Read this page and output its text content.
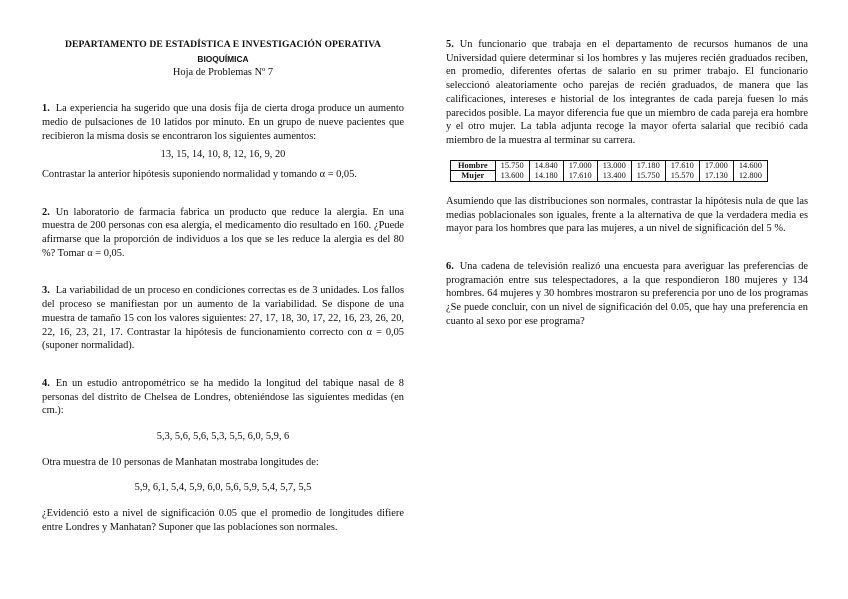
DEPARTAMENTO DE ESTADÍSTICA E INVESTIGACIÓN OPERATIVA
BIOQUÍMICA
Hoja de Problemas Nº 7

1. La experiencia ha sugerido que una dosis fija de cierta droga produce un aumento medio de pulsaciones de 10 latidos por minuto. En un grupo de nueve pacientes que recibieron la misma dosis se encontraron los siguientes aumentos:

13, 15, 14, 10, 8, 12, 16, 9, 20

Contrastar la anterior hipótesis suponiendo normalidad y tomando α = 0,05.

2. Un laboratorio de farmacia fabrica un producto que reduce la alergia. En una muestra de 200 personas con esa alergia, el medicamento dio resultado en 160. ¿Puede afirmarse que la proporción de individuos a los que se les reduce la alergia es del 80 %? Tomar α = 0,05.

3. La variabilidad de un proceso en condiciones correctas es de 3 unidades. Los fallos del proceso se manifiestan por un aumento de la variabilidad. Se dispone de una muestra de tamaño 15 con los valores siguientes: 27, 17, 18, 30, 17, 22, 16, 23, 26, 20, 22, 16, 23, 21, 17. Contrastar la hipótesis de funcionamiento correcto con α = 0,05 (suponer normalidad).

4. En un estudio antropométrico se ha medido la longitud del tabique nasal de 8 personas del distrito de Chelsea de Londres, obteniéndose las siguientes medidas (en cm.):

5,3, 5,6, 5,6, 5,3, 5,5, 6,0, 5,9, 6

Otra muestra de 10 personas de Manhatan mostraba longitudes de:

5,9, 6,1, 5,4, 5,9, 6,0, 5,6, 5,9, 5,4, 5,7, 5,5

¿Evidenció esto a nivel de significación 0.05 que el promedio de longitudes difiere entre Londres y Manhatan? Suponer que las poblaciones son normales.

5. Un funcionario que trabaja en el departamento de recursos humanos de una Universidad quiere determinar si los hombres y las mujeres recién graduados reciben, en promedio, diferentes ofertas de salario en su primer trabajo. El funcionario seleccionó aleatoriamente ocho parejas de recién graduados, de manera que las calificaciones, intereses e historial de los integrantes de cada pareja fuesen lo más parecidos posible. La mayor diferencia fue que un miembro de cada pareja era hombre y el otro mujer. La tabla adjunta recoge la mayor oferta salarial que recibió cada miembro de la muestra al terminar su carrera.

Hombre	15.750	14.840	17.000	13.000	17.180	17.610	17.000	14.600
Mujer	13.600	14.180	17.610	13.400	15.750	15.570	17.130	12.800

Asumiendo que las distribuciones son normales, contrastar la hipótesis nula de que las medias poblacionales son iguales, frente a la alternativa de que la verdadera media es mayor para los hombres que para las mujeres, a un nivel de significación del 5 %.

6. Una cadena de televisión realizó una encuesta para averiguar las preferencias de programación entre sus telespectadores, a la que respondieron 180 mujeres y 134 hombres. 64 mujeres y 30 hombres mostraron su preferencia por uno de los programas ¿Se puede concluir, con un nivel de significación del 0.05, que hay una preferencia en cuanto al sexo por ese programa?
